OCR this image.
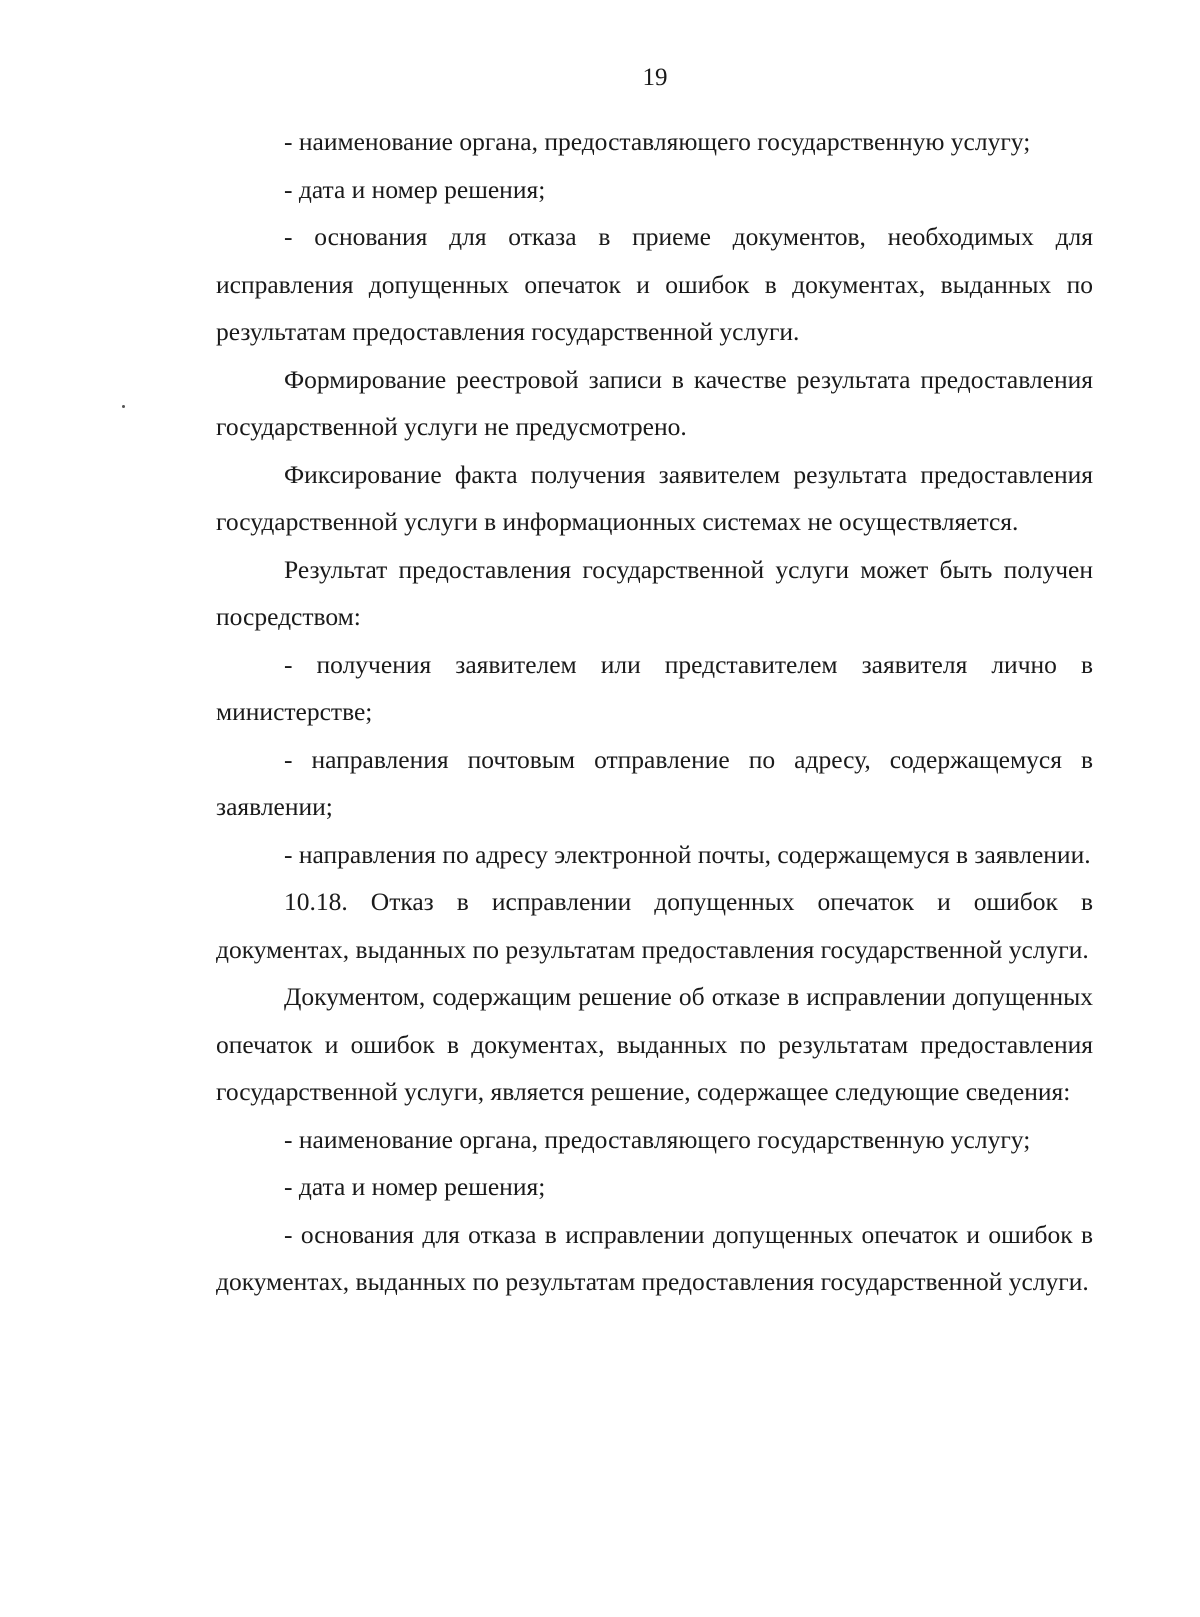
19

- наименование органа, предоставляющего государственную услугу;

- дата и номер решения;

- основания для отказа в приеме документов, необходимых для исправления допущенных опечаток и ошибок в документах, выданных по результатам предоставления государственной услуги.

Формирование реестровой записи в качестве результата предоставления государственной услуги не предусмотрено.

Фиксирование факта получения заявителем результата предоставления государственной услуги в информационных системах не осуществляется.

Результат предоставления государственной услуги может быть получен посредством:

- получения заявителем или представителем заявителя лично в министерстве;

- направления почтовым отправление по адресу, содержащемуся в заявлении;

- направления по адресу электронной почты, содержащемуся в заявлении.

10.18. Отказ в исправлении допущенных опечаток и ошибок в документах, выданных по результатам предоставления государственной услуги.

Документом, содержащим решение об отказе в исправлении допущенных опечаток и ошибок в документах, выданных по результатам предоставления государственной услуги, является решение, содержащее следующие сведения:

- наименование органа, предоставляющего государственную услугу;

- дата и номер решения;

- основания для отказа в исправлении допущенных опечаток и ошибок в документах, выданных по результатам предоставления государственной услуги.
